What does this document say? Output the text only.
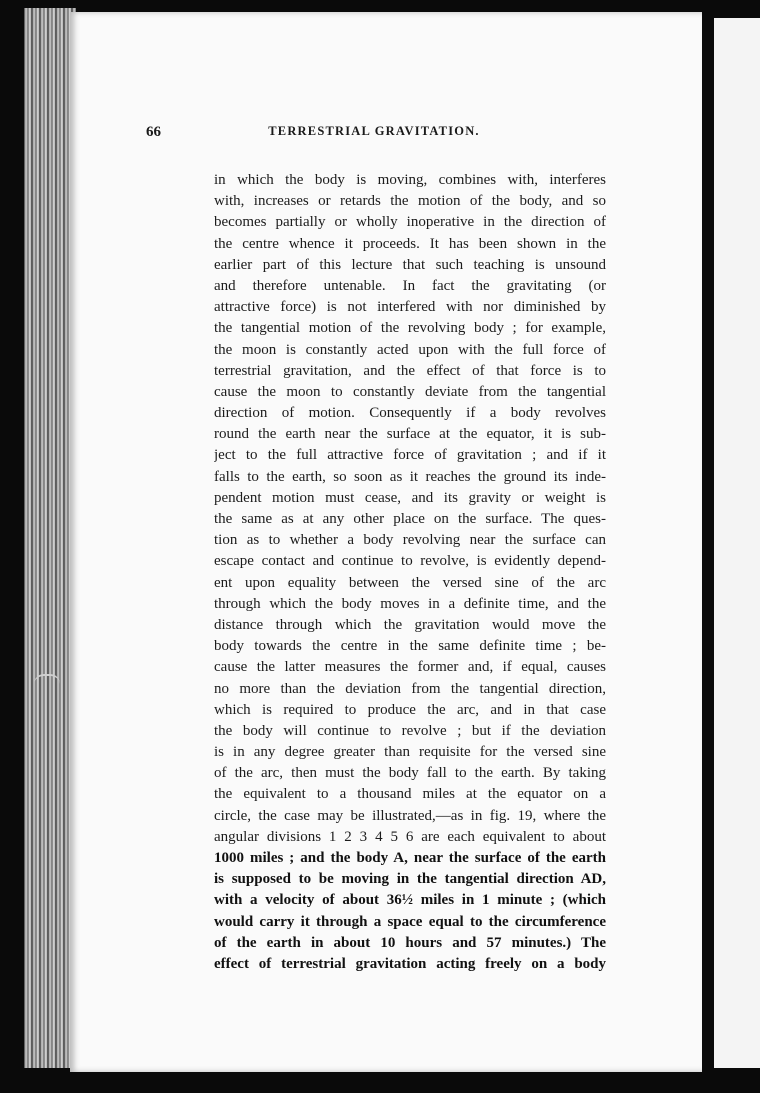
66	TERRESTRIAL GRAVITATION.
in which the body is moving, combines with, interferes
with, increases or retards the motion of the body, and so
becomes partially or wholly inoperative in the direction of
the centre whence it proceeds. It has been shown in the
earlier part of this lecture that such teaching is unsound
and therefore untenable. In fact the gravitating (or
attractive force) is not interfered with nor diminished by
the tangential motion of the revolving body ; for example,
the moon is constantly acted upon with the full force of
terrestrial gravitation, and the effect of that force is to
cause the moon to constantly deviate from the tangential
direction of motion. Consequently if a body revolves
round the earth near the surface at the equator, it is sub-
ject to the full attractive force of gravitation ; and if it
falls to the earth, so soon as it reaches the ground its inde-
pendent motion must cease, and its gravity or weight is
the same as at any other place on the surface. The ques-
tion as to whether a body revolving near the surface can
escape contact and continue to revolve, is evidently depend-
ent upon equality between the versed sine of the arc
through which the body moves in a definite time, and the
distance through which the gravitation would move the
body towards the centre in the same definite time ; be-
cause the latter measures the former and, if equal, causes
no more than the deviation from the tangential direction,
which is required to produce the arc, and in that case
the body will continue to revolve ; but if the deviation
is in any degree greater than requisite for the versed sine
of the arc, then must the body fall to the earth. By taking
the equivalent to a thousand miles at the equator on a
circle, the case may be illustrated,—as in fig. 19, where the
angular divisions 1 2 3 4 5 6 are each equivalent to about
1000 miles ; and the body A, near the surface of the earth
is supposed to be moving in the tangential direction AD,
with a velocity of about 36½ miles in 1 minute ; (which
would carry it through a space equal to the circumference
of the earth in about 10 hours and 57 minutes.) The
effect of terrestrial gravitation acting freely on a body
